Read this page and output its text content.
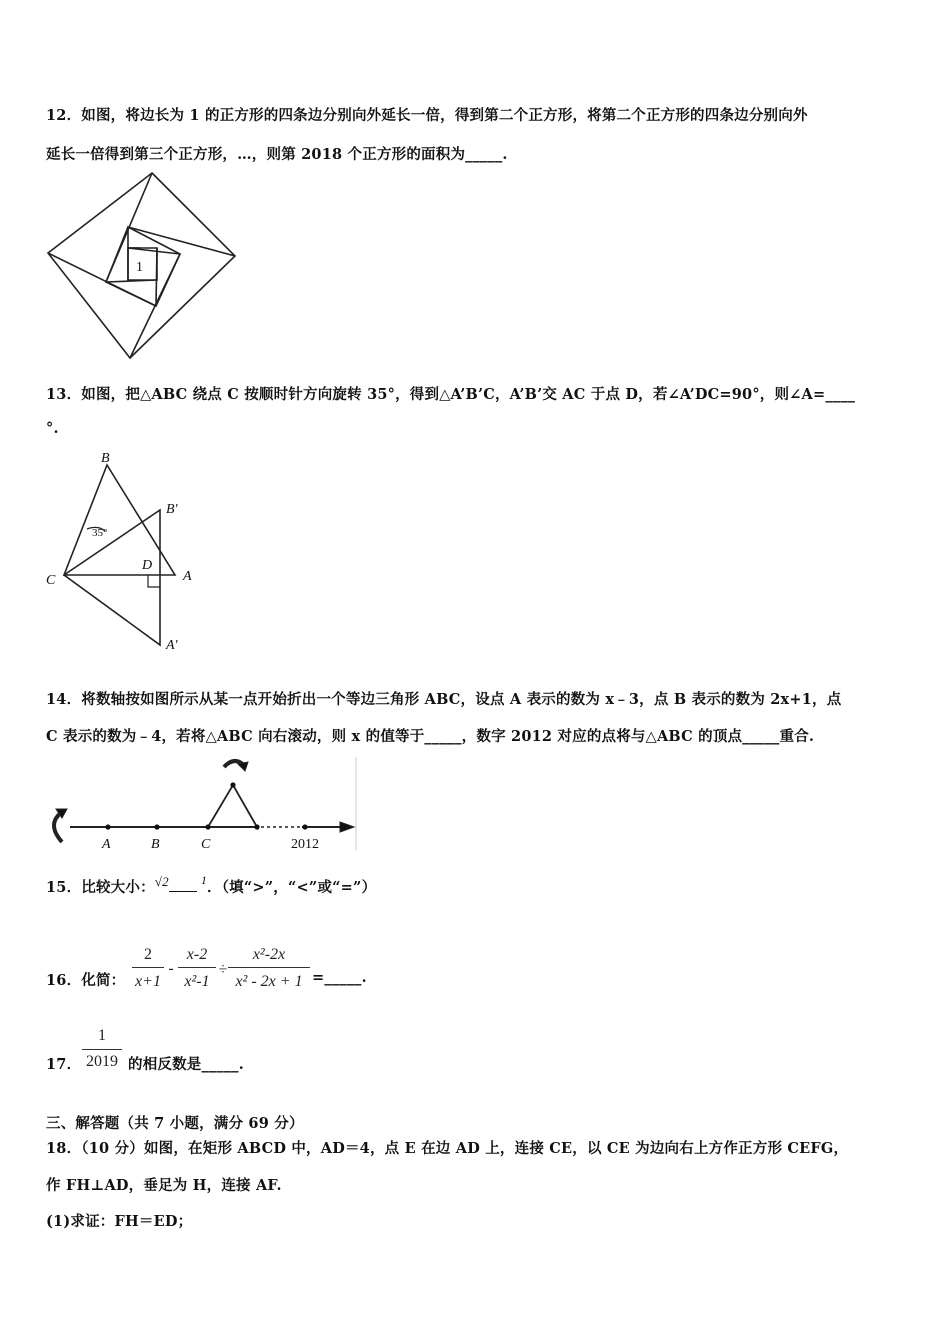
12．如图，将边长为 1 的正方形的四条边分别向外延长一倍，得到第二个正方形，将第二个正方形的四条边分别向外
延长一倍得到第三个正方形，…，则第 2018 个正方形的面积为_____.
1
13．如图，把△ABC 绕点 C 按顺时针方向旋转 35°，得到△A’B’C，A’B’交 AC 于点 D，若∠A’DC=90°，则∠A=____
°.
B
B'
C
D
A
A'
35°
14．将数轴按如图所示从某一点开始折出一个等边三角形 ABC，设点 A 表示的数为 x﹣3，点 B 表示的数为 2x+1，点
C 表示的数为﹣4，若将△ABC 向右滚动，则 x 的值等于_____，数字 2012 对应的点将与△ABC 的顶点_____重合.
A	B	C	2012
15．比较大小：√2	$^1$．（填“>”，“<”或“=”）
16．化简：
2
x+1
-
x-2
x²-1
÷
x²-2x
x² - 2x + 1 =_____.
17．
1
2019 的相反数是_____.
三、解答题（共 7 小题，满分 69 分）
18．（10 分）如图，在矩形 ABCD 中，AD＝4，点 E 在边 AD 上，连接 CE，以 CE 为边向右上方作正方形 CEFG，
作 FH⊥AD，垂足为 H，连接 AF.
(1)求证：FH＝ED；
